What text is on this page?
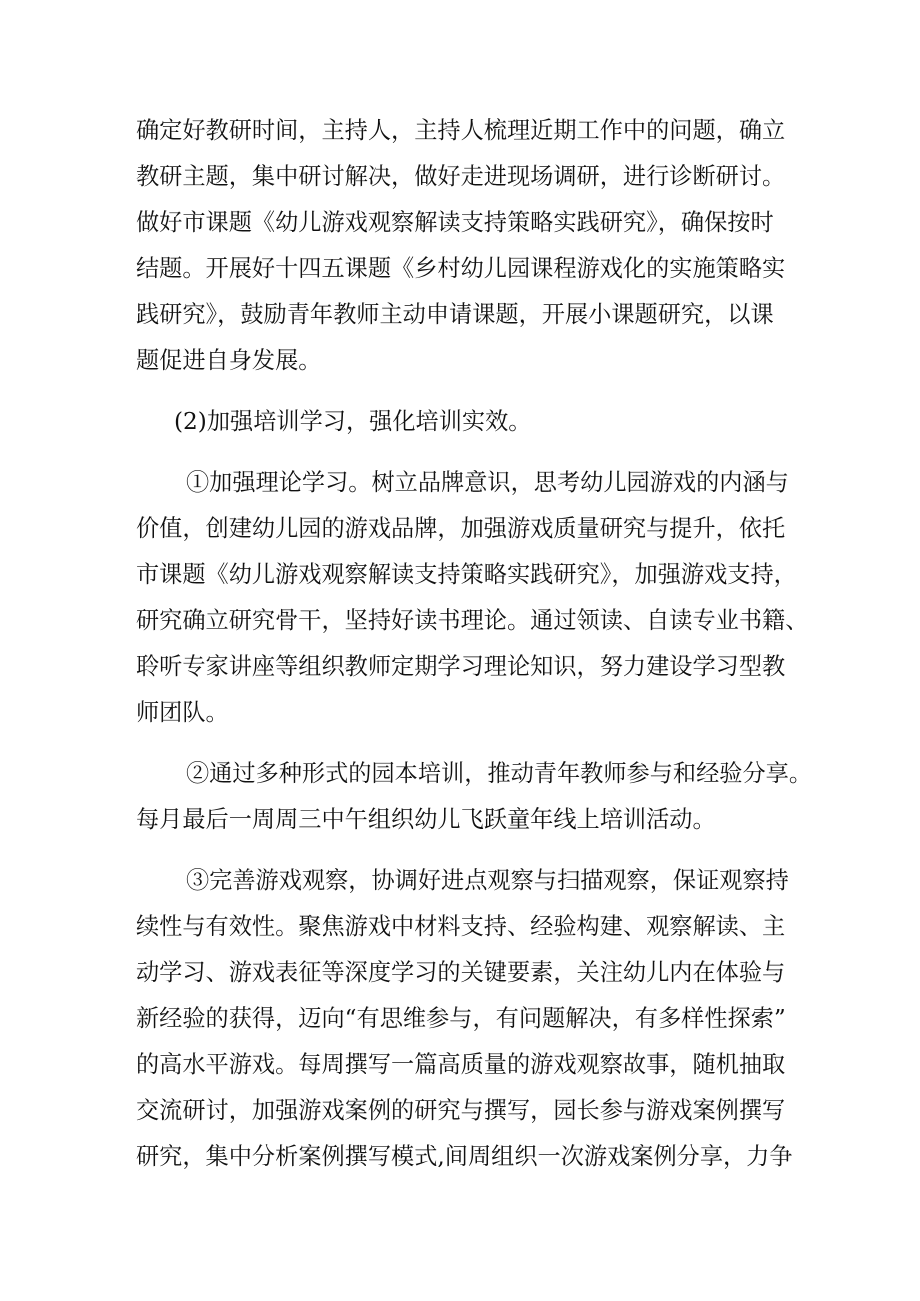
确定好教研时间，主持人，主持人梳理近期工作中的问题，确立
教研主题，集中研讨解决，做好走进现场调研，进行诊断研讨。
做好市课题《幼儿游戏观察解读支持策略实践研究》，确保按时
结题。开展好十四五课题《乡村幼儿园课程游戏化的实施策略实
践研究》，鼓励青年教师主动申请课题，开展小课题研究，以课
题促进自身发展。
(2)加强培训学习，强化培训实效。
①加强理论学习。树立品牌意识，思考幼儿园游戏的内涵与
价值，创建幼儿园的游戏品牌，加强游戏质量研究与提升，依托
市课题《幼儿游戏观察解读支持策略实践研究》，加强游戏支持，
研究确立研究骨干，坚持好读书理论。通过领读、自读专业书籍、
聆听专家讲座等组织教师定期学习理论知识，努力建设学习型教
师团队。
②通过多种形式的园本培训，推动青年教师参与和经验分享。
每月最后一周周三中午组织幼儿飞跃童年线上培训活动。
③完善游戏观察，协调好进点观察与扫描观察，保证观察持
续性与有效性。聚焦游戏中材料支持、经验构建、观察解读、主
动学习、游戏表征等深度学习的关键要素，关注幼儿内在体验与
新经验的获得，迈向“有思维参与，有问题解决，有多样性探索”
的高水平游戏。每周撰写一篇高质量的游戏观察故事，随机抽取
交流研讨，加强游戏案例的研究与撰写，园长参与游戏案例撰写
研究，集中分析案例撰写模式,间周组织一次游戏案例分享，力争
